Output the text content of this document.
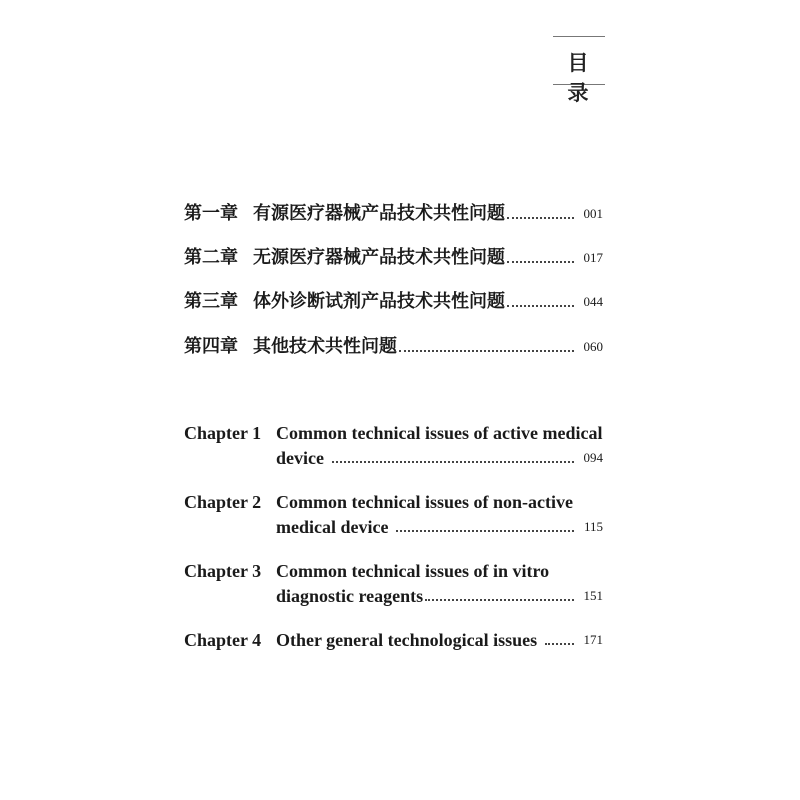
目 录
第一章 有源医疗器械产品技术共性问题	001
第二章 无源医疗器械产品技术共性问题	017
第三章 体外诊断试剂产品技术共性问题	044
第四章 其他技术共性问题	060
Chapter 1 Common technical issues of active medical
device	094
Chapter 2 Common technical issues of non-active
medical device	115
Chapter 3 Common technical issues of in vitro
diagnostic reagents	151
Chapter 4 Other general technological issues	171
